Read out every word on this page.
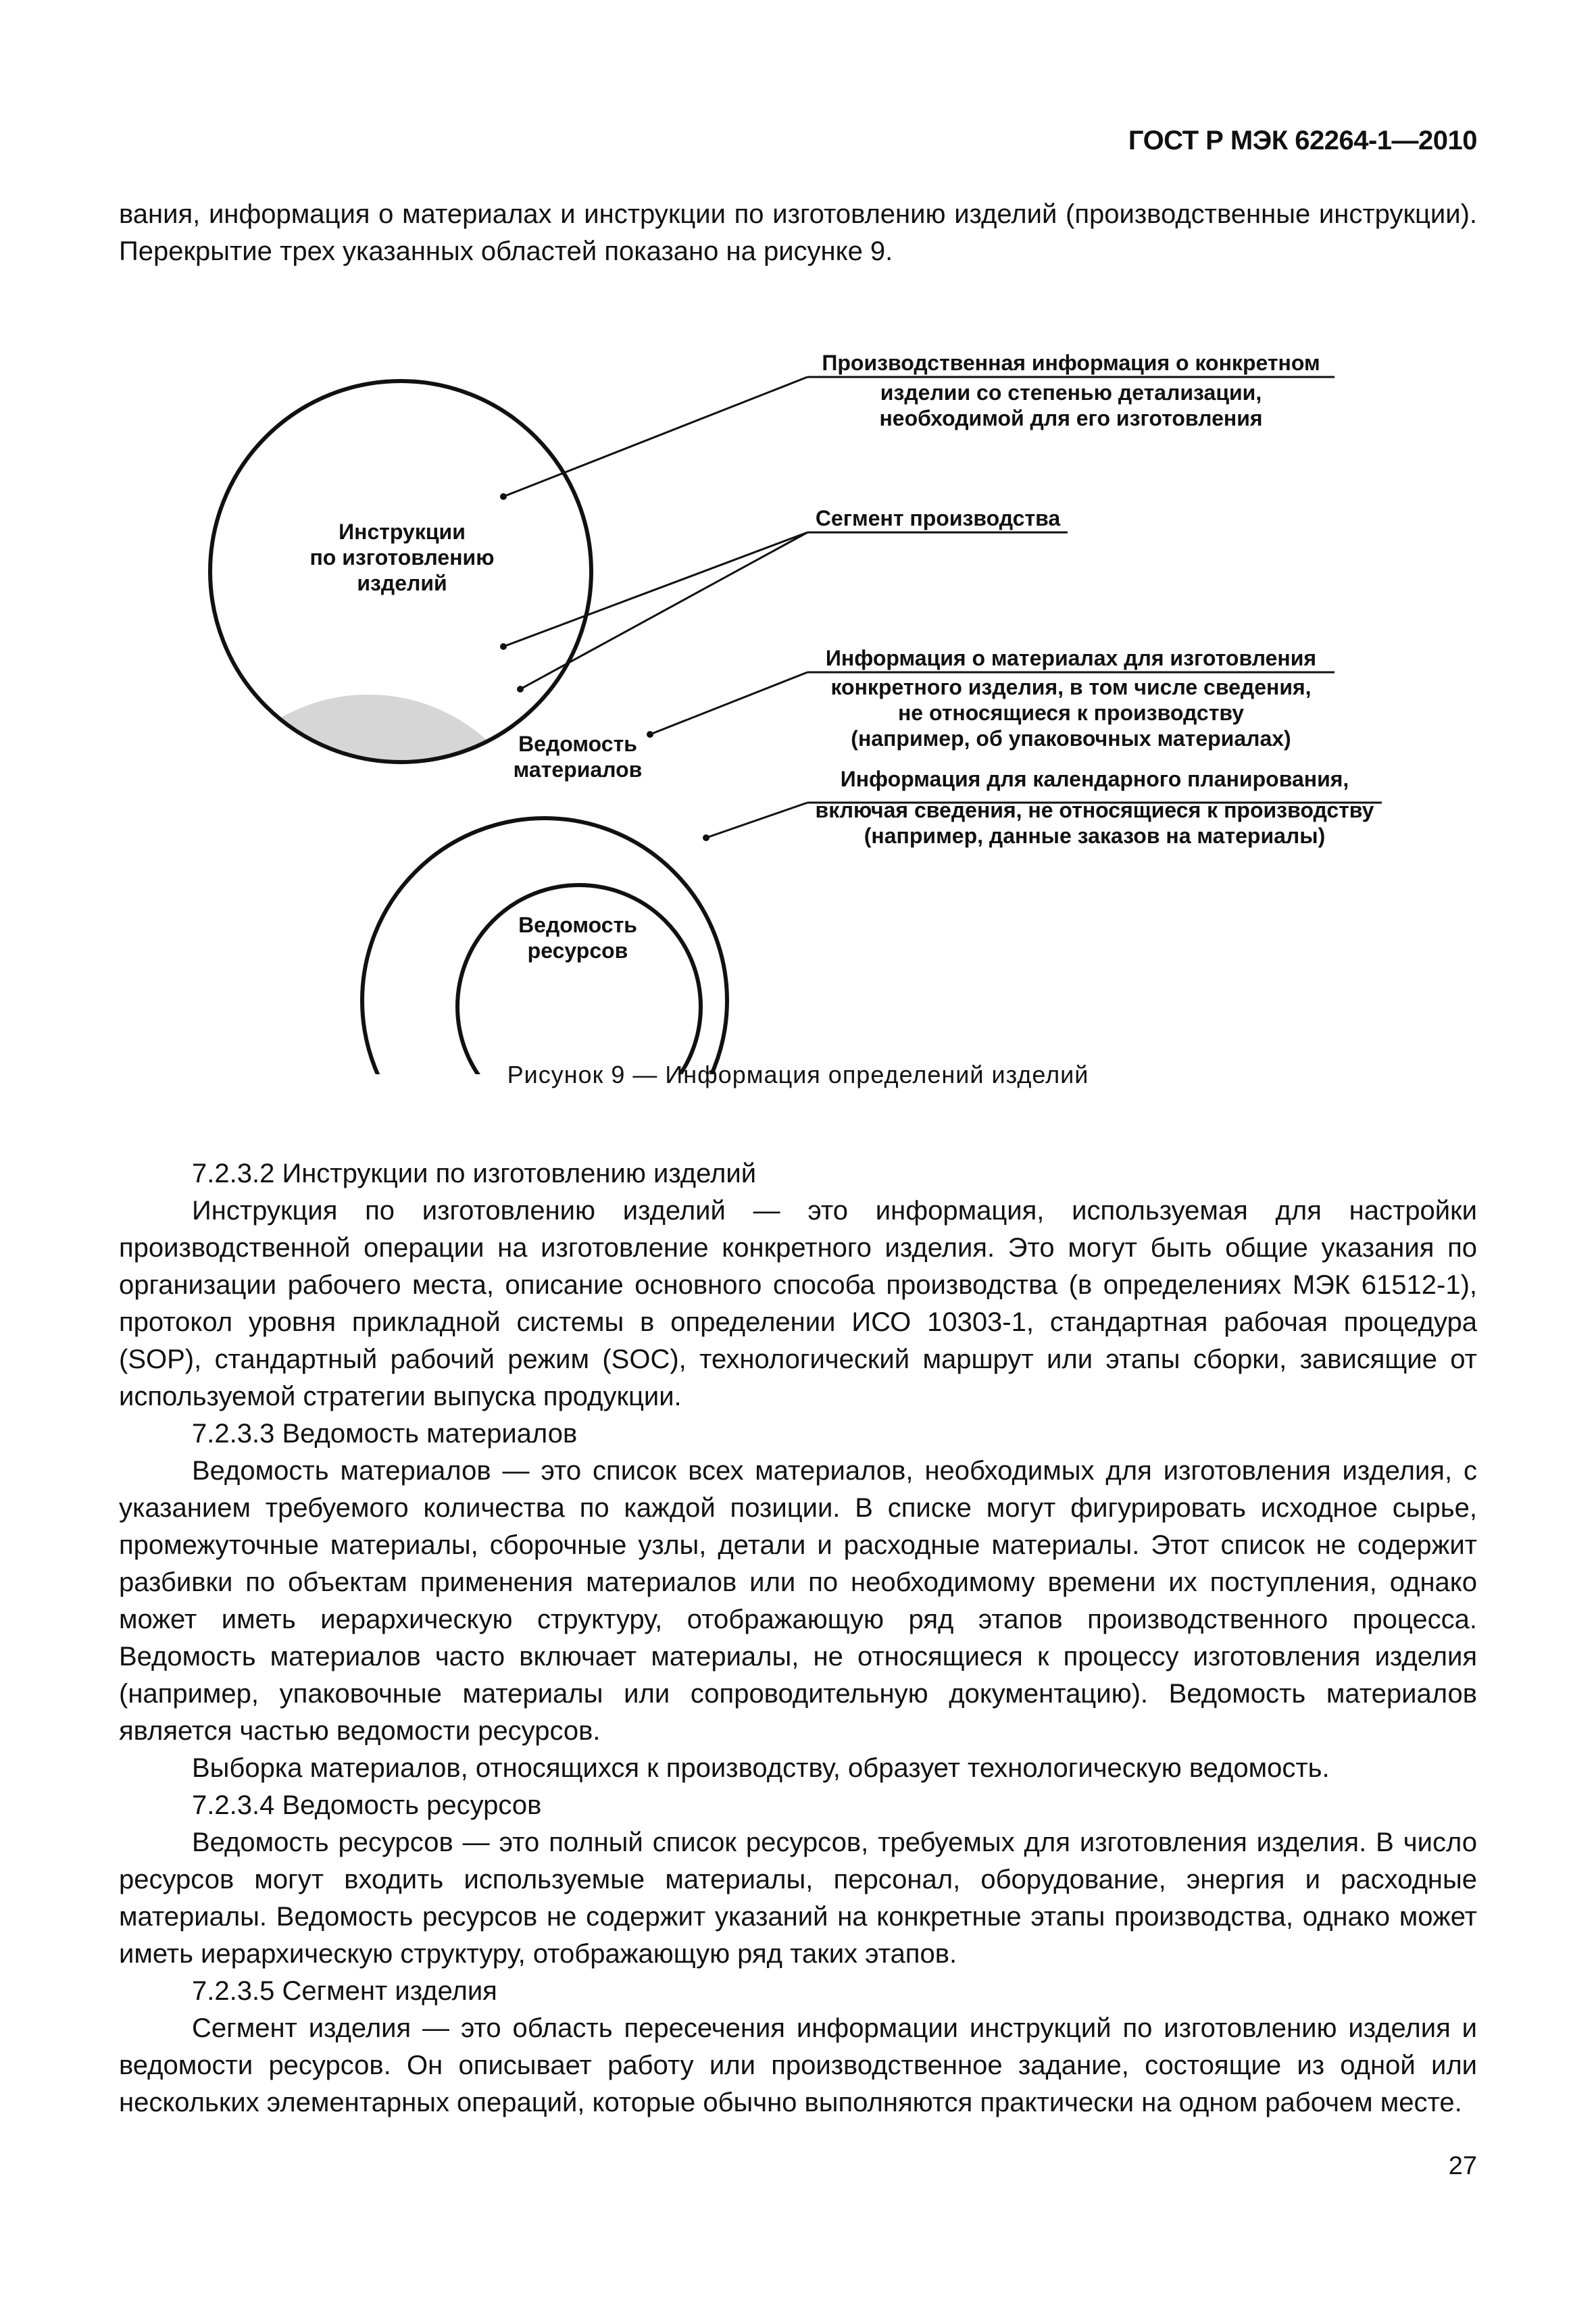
ГОСТ Р МЭК 62264-1—2010

вания, информация о материалах и инструкции по изготовлению изделий (производственные инструкции). Перекрытие трех указанных областей показано на рисунке 9.

Инструкции
по изготовлению
изделий
Ведомость
материалов
Ведомость
ресурсов
Производственная информация о конкретном
изделии со степенью детализации,
необходимой для его изготовления
Сегмент производства
Информация о материалах для изготовления
конкретного изделия, в том числе сведения,
не относящиеся к производству
(например, об упаковочных материалах)
Информация для календарного планирования,
включая сведения, не относящиеся к производству
(например, данные заказов на материалы)
Рисунок 9 — Информация определений изделий

7.2.3.2 Инструкции по изготовлению изделий

Инструкция по изготовлению изделий — это информация, используемая для настройки производственной операции на изготовление конкретного изделия. Это могут быть общие указания по организации рабочего места, описание основного способа производства (в определениях МЭК 61512-1), протокол уровня прикладной системы в определении ИСО 10303-1, стандартная рабочая процедура (SOP), стандартный рабочий режим (SOC), технологический маршрут или этапы сборки, зависящие от используемой стратегии выпуска продукции.

7.2.3.3 Ведомость материалов

Ведомость материалов — это список всех материалов, необходимых для изготовления изделия, с указанием требуемого количества по каждой позиции. В списке могут фигурировать исходное сырье, промежуточные материалы, сборочные узлы, детали и расходные материалы. Этот список не содержит разбивки по объектам применения материалов или по необходимому времени их поступления, однако может иметь иерархическую структуру, отображающую ряд этапов производственного процесса. Ведомость материалов часто включает материалы, не относящиеся к процессу изготовления изделия (например, упаковочные материалы или сопроводительную документацию). Ведомость материалов является частью ведомости ресурсов.

Выборка материалов, относящихся к производству, образует технологическую ведомость.

7.2.3.4 Ведомость ресурсов

Ведомость ресурсов — это полный список ресурсов, требуемых для изготовления изделия. В число ресурсов могут входить используемые материалы, персонал, оборудование, энергия и расходные материалы. Ведомость ресурсов не содержит указаний на конкретные этапы производства, однако может иметь иерархическую структуру, отображающую ряд таких этапов.

7.2.3.5 Сегмент изделия

Сегмент изделия — это область пересечения информации инструкций по изготовлению изделия и ведомости ресурсов. Он описывает работу или производственное задание, состоящие из одной или нескольких элементарных операций, которые обычно выполняются практически на одном рабочем месте.

27
